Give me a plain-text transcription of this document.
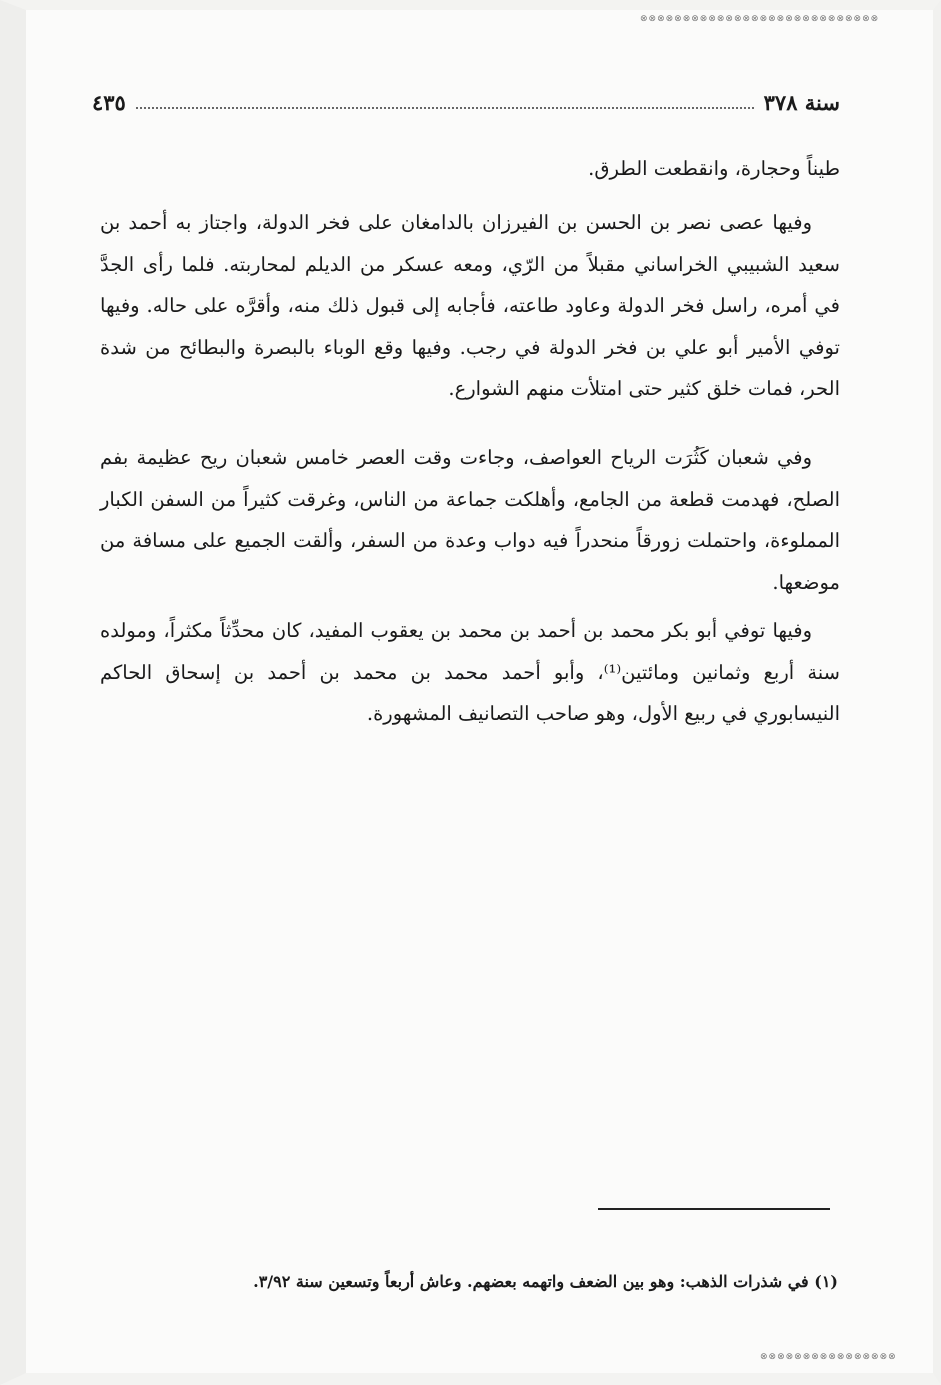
⊗⊗⊗⊗⊗⊗⊗⊗⊗⊗⊗⊗⊗⊗⊗⊗⊗⊗⊗⊗⊗⊗⊗⊗⊗⊗⊗⊗
⊗⊗⊗⊗⊗⊗⊗⊗⊗⊗⊗⊗⊗⊗⊗⊗
سنة ٣٧٨
٤٣٥

طيناً وحجارة، وانقطعت الطرق.

وفيها عصى نصر بن الحسن بن الفيرزان بالدامغان على فخر الدولة، واجتاز به أحمد بن سعيد الشبيبي الخراساني مقبلاً من الرّي، ومعه عسكر من الديلم لمحاربته. فلما رأى الجدَّ في أمره، راسل فخر الدولة وعاود طاعته، فأجابه إلى قبول ذلك منه، وأقرَّه على حاله. وفيها توفي الأمير أبو علي بن فخر الدولة في رجب. وفيها وقع الوباء بالبصرة والبطائح من شدة الحر، فمات خلق كثير حتى امتلأت منهم الشوارع.

وفي شعبان كَثُرَت الرياح العواصف، وجاءت وقت العصر خامس شعبان ريح عظيمة بفم الصلح، فهدمت قطعة من الجامع، وأهلكت جماعة من الناس، وغرقت كثيراً من السفن الكبار المملوءة، واحتملت زورقاً منحدراً فيه دواب وعدة من السفر، وألقت الجميع على مسافة من موضعها.

وفيها توفي أبو بكر محمد بن أحمد بن محمد بن يعقوب المفيد، كان محدِّثاً مكثراً، ومولده سنة أربع وثمانين ومائتين⁽¹⁾، وأبو أحمد محمد بن محمد بن أحمد بن إسحاق الحاكم النيسابوري في ربيع الأول، وهو صاحب التصانيف المشهورة.

(١) في شذرات الذهب: وهو بين الضعف واتهمه بعضهم. وعاش أربعاً وتسعين سنة ٣/٩٢.
